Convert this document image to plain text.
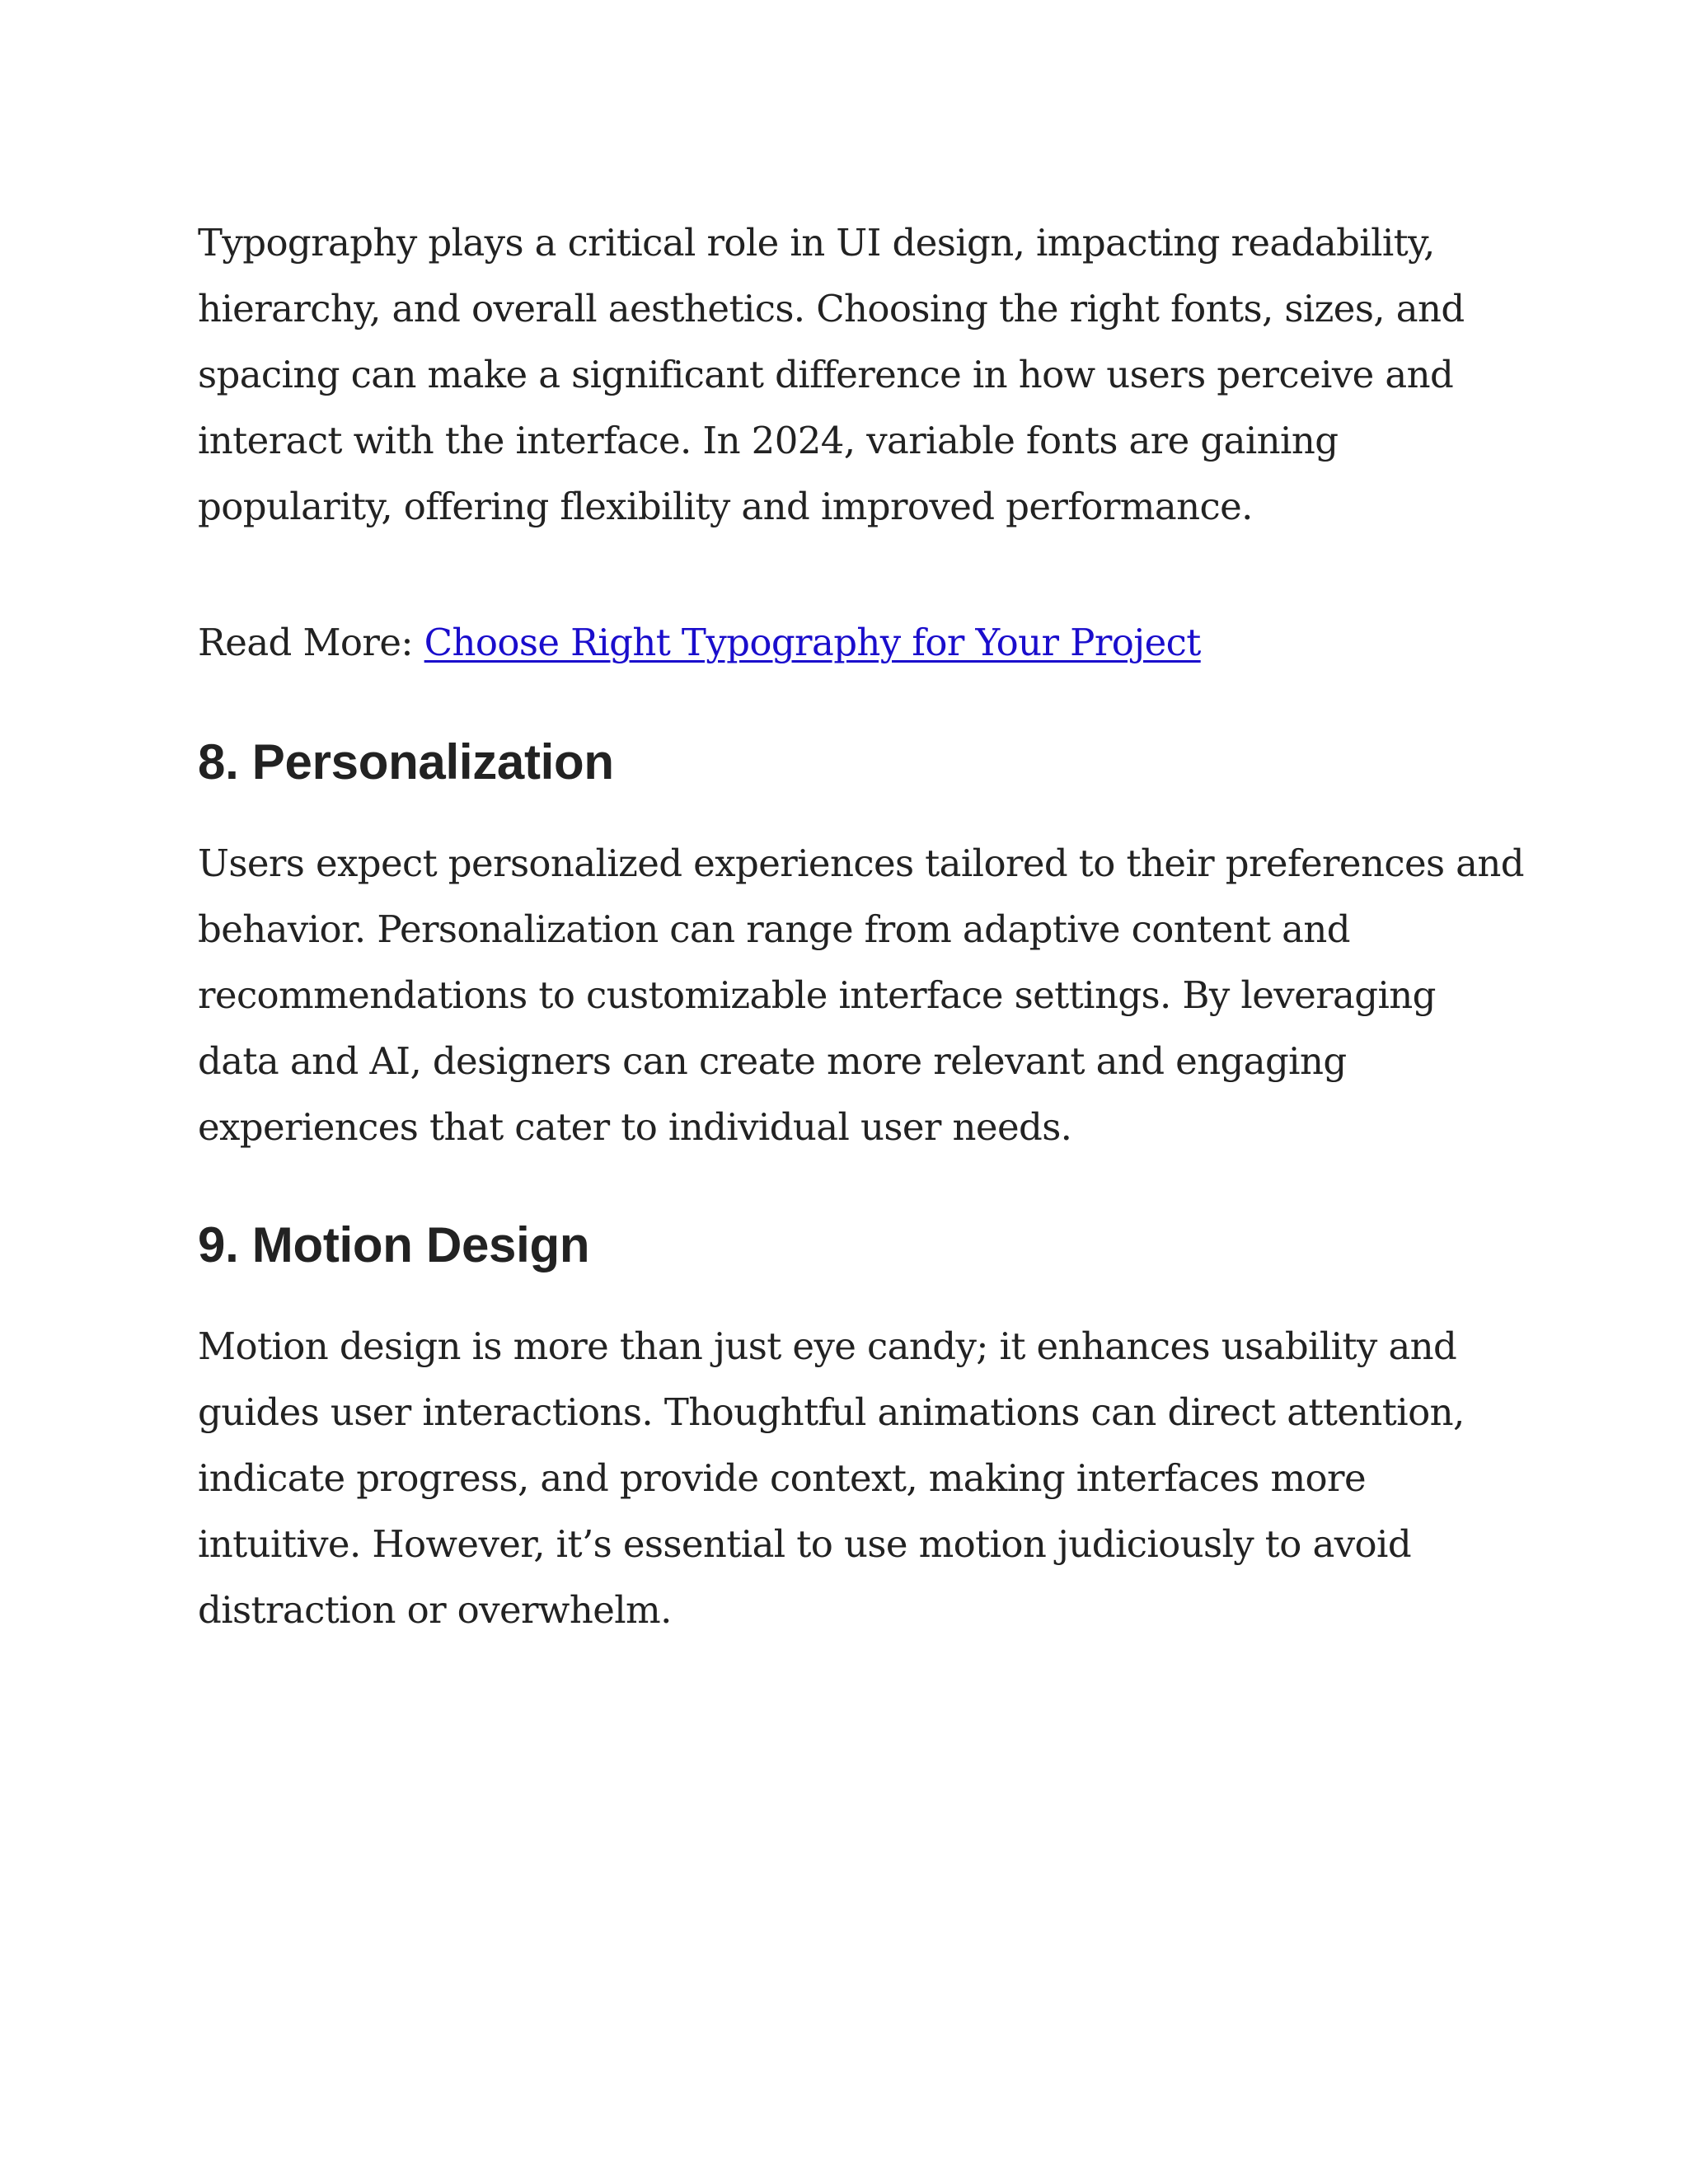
Typography plays a critical role in UI design, impacting readability,
hierarchy, and overall aesthetics. Choosing the right fonts, sizes, and
spacing can make a significant difference in how users perceive and
interact with the interface. In 2024, variable fonts are gaining
popularity, offering flexibility and improved performance.

Read More: Choose Right Typography for Your Project

8. Personalization

Users expect personalized experiences tailored to their preferences and
behavior. Personalization can range from adaptive content and
recommendations to customizable interface settings. By leveraging
data and AI, designers can create more relevant and engaging
experiences that cater to individual user needs.

9. Motion Design

Motion design is more than just eye candy; it enhances usability and
guides user interactions. Thoughtful animations can direct attention,
indicate progress, and provide context, making interfaces more
intuitive. However, it’s essential to use motion judiciously to avoid
distraction or overwhelm.
